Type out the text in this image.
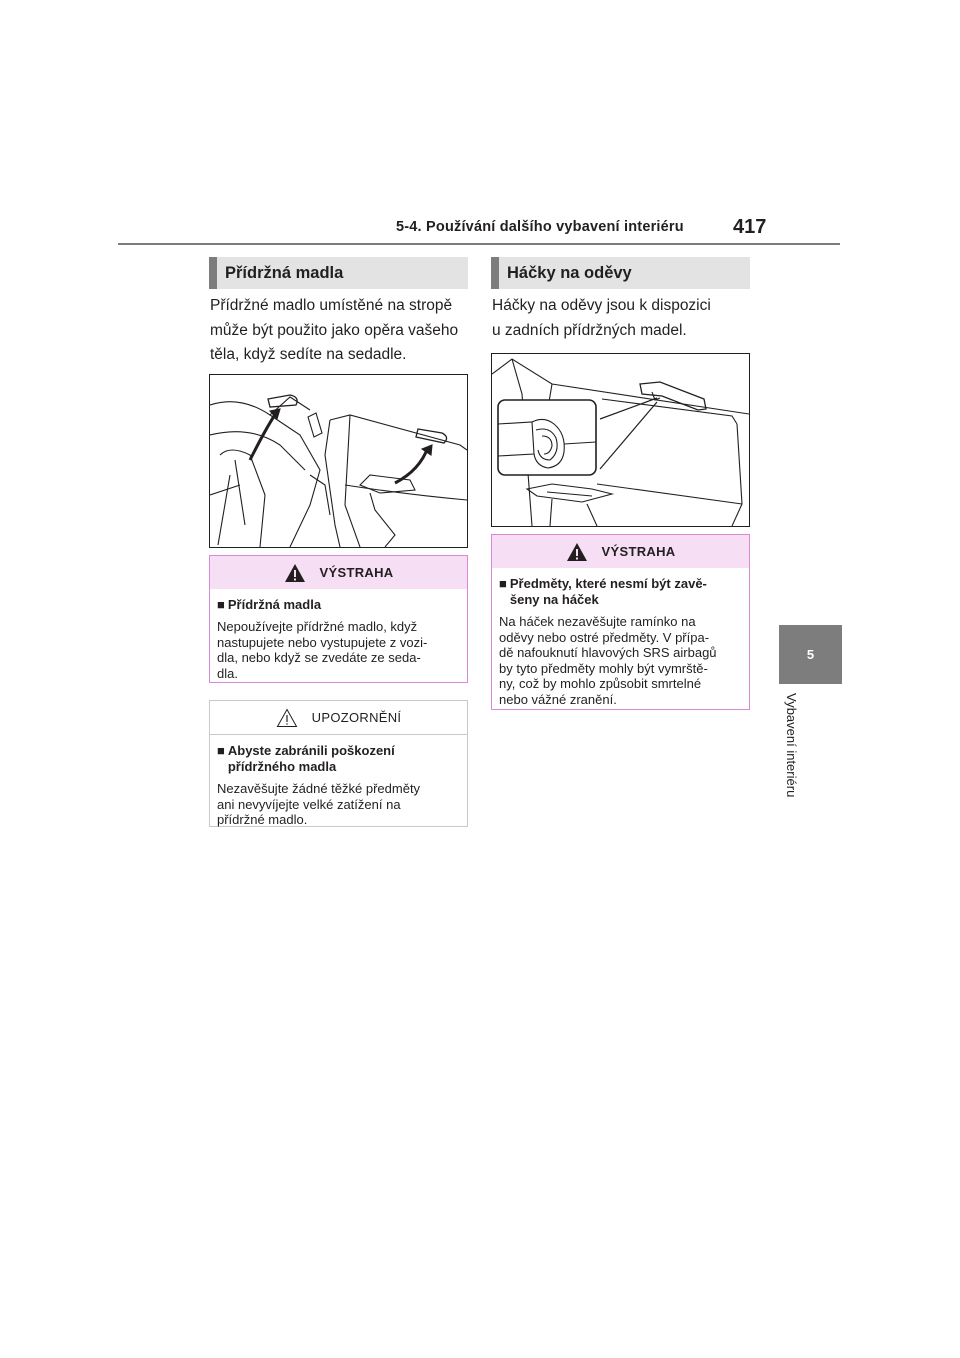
5-4. Používání dalšího vybavení interiéru 417
5
Vybavení interiéru
Přídržná madla
Přídržné madlo umístěné na stropě
může být použito jako opěra vašeho
těla, když sedíte na sedadle.
VÝSTRAHA
■ Přídržná madla
Nepoužívejte přídržné madlo, když
nastupujete nebo vystupujete z vozi-
dla, nebo když se zvedáte ze seda-
dla.
UPOZORNĚNÍ
■ Abyste zabránili poškození
přídržného madla
Nezavěšujte žádné těžké předměty
ani nevyvíjejte velké zatížení na
přídržné madlo.
Háčky na oděvy
Háčky na oděvy jsou k dispozici
u zadních přídržných madel.
VÝSTRAHA
■ Předměty, které nesmí být zavě-
šeny na háček
Na háček nezavěšujte ramínko na
oděvy nebo ostré předměty. V přípa-
dě nafouknutí hlavových SRS airbagů
by tyto předměty mohly být vymrště-
ny, což by mohlo způsobit smrtelné
nebo vážné zranění.
